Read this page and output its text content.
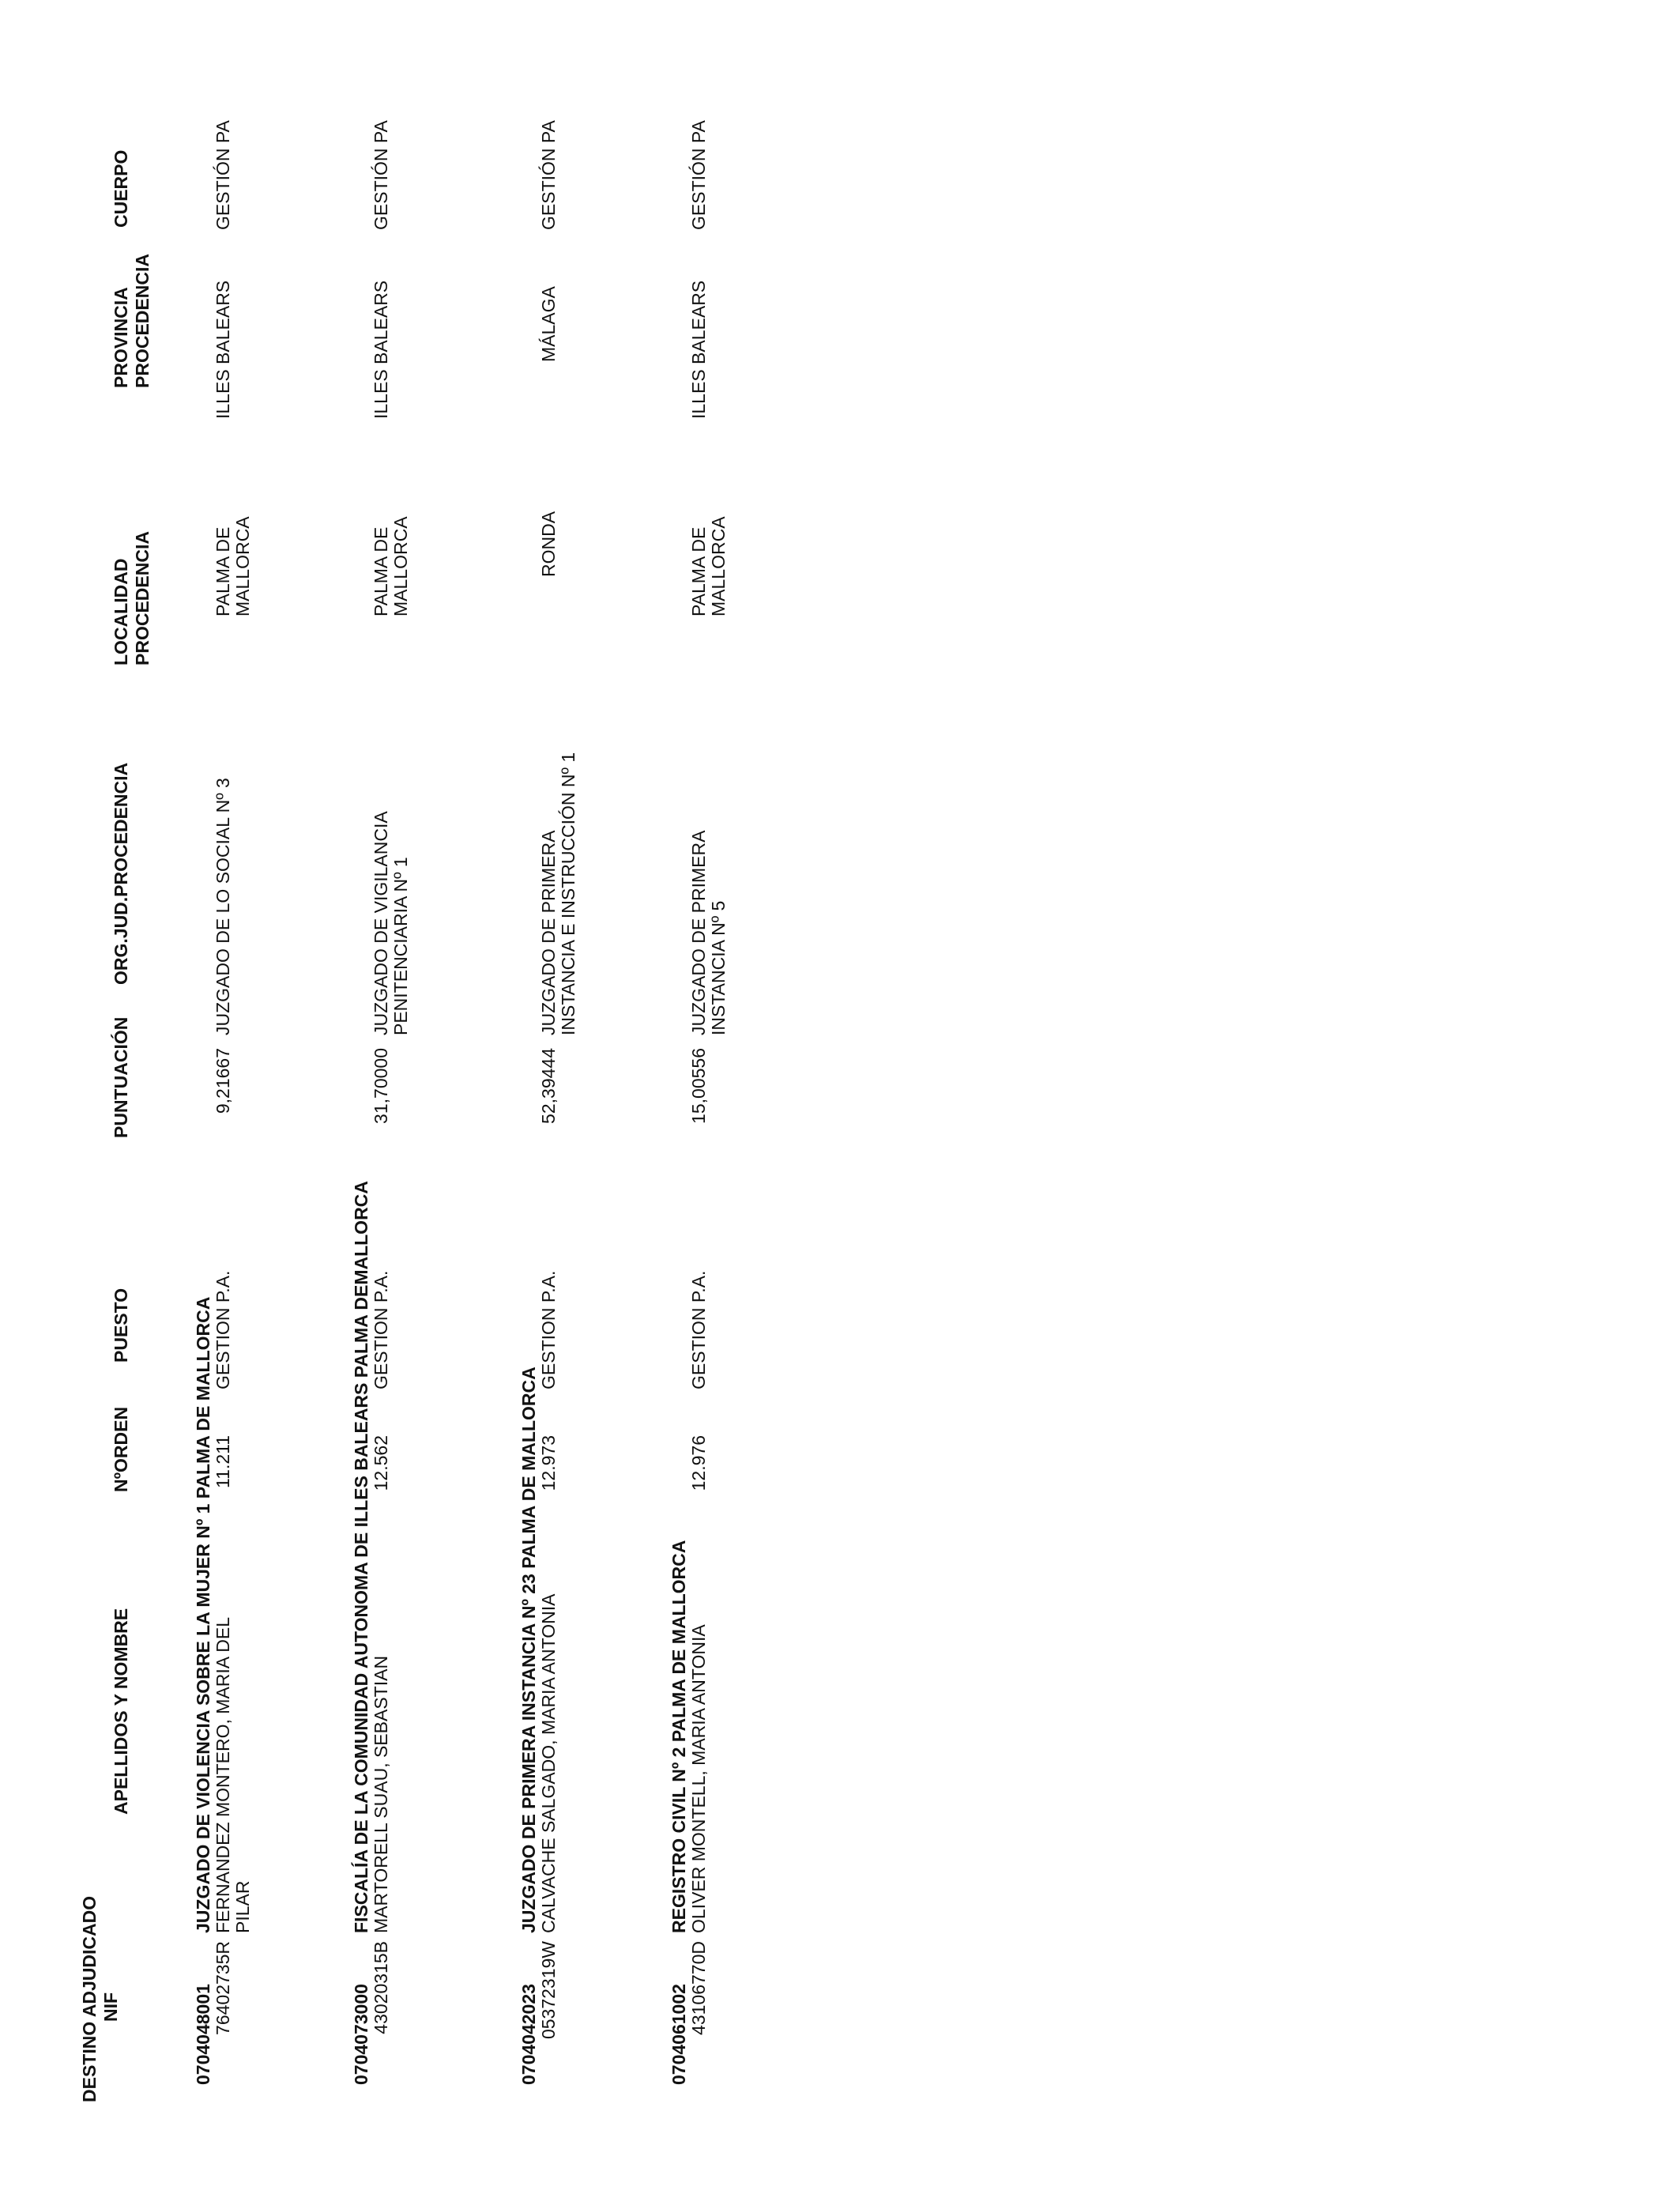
DESTINO ADJUDICADO NIF
APELLIDOS Y NOMBRE
NºORDEN
PUESTO
PUNTUACIÓN
ORG.JUD.PROCEDENCIA
LOCALIDAD PROCEDENCIA
PROVINCIA PROCEDENCIA
CUERPO
0704048001
JUZGADO DE VIOLENCIA SOBRE LA MUJER Nº 1 PALMA DE MALLORCA
76402735R
FERNANDEZ MONTERO, MARIA DEL PILAR
11.211
GESTION P.A.
9,21667
JUZGADO DE LO SOCIAL Nº 3
PALMA DE MALLORCA
ILLES BALEARS
GESTIÓN PA
0704073000
FISCALÍA DE LA COMUNIDAD AUTONOMA DE ILLES BALEARS PALMA DEMALLORCA
43020315B
MARTORELL SUAU, SEBASTIAN
12.562
GESTION P.A.
31,70000
JUZGADO DE VIGILANCIA PENITENCIARIA Nº 1
PALMA DE MALLORCA
ILLES BALEARS
GESTIÓN PA
0704042023
JUZGADO DE PRIMERA INSTANCIA Nº 23 PALMA DE MALLORCA
05372319W
CALVACHE SALGADO, MARIA ANTONIA
12.973
GESTION P.A.
52,39444
JUZGADO DE PRIMERA INSTANCIA E INSTRUCCIÓN Nº 1
RONDA
MÁLAGA
GESTIÓN PA
0704061002
REGISTRO CIVIL Nº 2 PALMA DE MALLORCA
43106770D
OLIVER MONTELL, MARIA ANTONIA
12.976
GESTION P.A.
15,00556
JUZGADO DE PRIMERA INSTANCIA Nº 5
PALMA DE MALLORCA
ILLES BALEARS
GESTIÓN PA
